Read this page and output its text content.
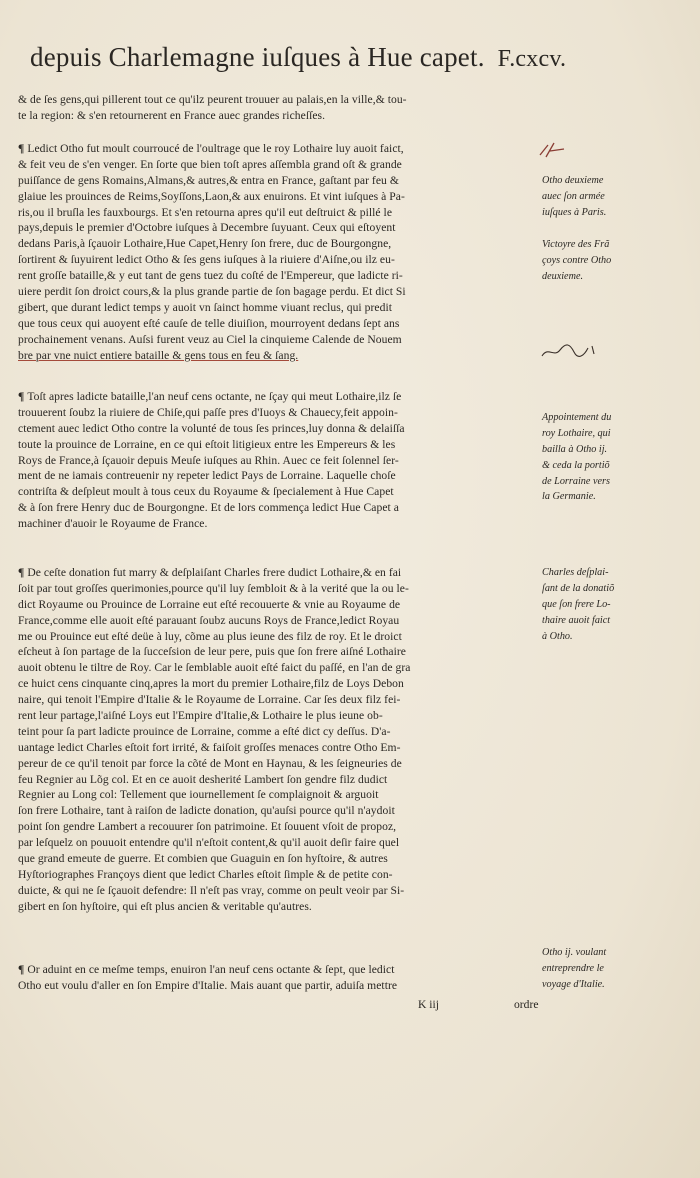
depuis Charlemagne iuſques à Hue capet. F.cxcv.
& de ſes gens,qui pillerent tout ce qu'ilz peurent trouuer au palais,en la ville,& tou-
te la region: & s'en retournerent en France auec grandes richeſſes.
¶ Ledict Otho fut moult courroucé de l'oultrage que le roy Lothaire luy auoit faict,
& feit veu de s'en venger. En ſorte que bien toſt apres aſſembla grand oſt & grande
puiſſance de gens Romains,Almans,& autres,& entra en France, gaſtant par feu &
glaiue les prouinces de Reims,Soyſſons,Laon,& aux enuirons. Et vint iuſques à Pa-
ris,ou il bruſla les fauxbourgs. Et s'en retourna apres qu'il eut deſtruict & pillé le
pays,depuis le premier d'Octobre iuſques à Decembre ſuyuant. Ceux qui eſtoyent
dedans Paris,à ſçauoir Lothaire,Hue Capet,Henry ſon frere, duc de Bourgongne,
ſortirent & ſuyuirent ledict Otho & ſes gens iuſques à la riuiere d'Aiſne,ou ilz eu-
rent groſſe bataille,& y eut tant de gens tuez du coſté de l'Empereur, que ladicte ri-
uiere perdit ſon droict cours,& la plus grande partie de ſon bagage perdu. Et dict Si
gibert, que durant ledict temps y auoit vn ſainct homme viuant reclus, qui predit
que tous ceux qui auoyent eſté cauſe de telle diuiſion, mourroyent dedans ſept ans
prochainement venans. Auſsi furent veuz au Ciel la cinquieme Calende de Nouem
bre par vne nuict entiere bataille & gens tous en feu & ſang.
¶ Toſt apres ladicte bataille,l'an neuf cens octante, ne ſçay qui meut Lothaire,ilz ſe
trouuerent ſoubz la riuiere de Chiſe,qui paſſe pres d'Iuoys & Chauecy,feit appoin-
ctement auec ledict Otho contre la volunté de tous ſes princes,luy donna & delaiſſa
toute la prouince de Lorraine, en ce qui eſtoit litigieux entre les Empereurs & les
Roys de France,à ſçauoir depuis Meuſe iuſques au Rhin. Auec ce feit ſolennel ſer-
ment de ne iamais contreuenir ny repeter ledict Pays de Lorraine. Laquelle choſe
contriſta & deſpleut moult à tous ceux du Royaume & ſpecialement à Hue Capet
& à ſon frere Henry duc de Bourgongne. Et de lors commença ledict Hue Capet a
machiner d'auoir le Royaume de France.
¶ De ceſte donation fut marry & deſplaiſant Charles frere dudict Lothaire,& en fai
ſoit par tout groſſes querimonies,pource qu'il luy ſembloit & à la verité que la ou le-
dict Royaume ou Prouince de Lorraine eut eſté recouuerte & vnie au Royaume de
France,comme elle auoit eſté parauant ſoubz aucuns Roys de France,ledict Royau
me ou Prouince eut eſté deüe à luy, cõme au plus ieune des filz de roy. Et le droict
eſcheut à ſon partage de la ſucceſsion de leur pere, puis que ſon frere aiſné Lothaire
auoit obtenu le tiltre de Roy. Car le ſemblable auoit eſté faict du paſſé, en l'an de gra
ce huict cens cinquante cinq,apres la mort du premier Lothaire,filz de Loys Debon
naire, qui tenoit l'Empire d'Italie & le Royaume de Lorraine. Car ſes deux filz fei-
rent leur partage,l'aiſné Loys eut l'Empire d'Italie,& Lothaire le plus ieune ob-
teint pour ſa part ladicte prouince de Lorraine, comme a eſté dict cy deſſus. D'a-
uantage ledict Charles eſtoit fort irrité, & faiſoit groſſes menaces contre Otho Em-
pereur de ce qu'il tenoit par force la cõté de Mont en Haynau, & les ſeigneuries de
feu Regnier au Lõg col. Et en ce auoit desherité Lambert ſon gendre filz dudict
Regnier au Long col: Tellement que iournellement ſe complaignoit & arguoit
ſon frere Lothaire, tant à raiſon de ladicte donation, qu'auſsi pource qu'il n'aydoit
point ſon gendre Lambert a recouurer ſon patrimoine. Et ſouuent vſoit de propoz,
par leſquelz on pouuoit entendre qu'il n'eſtoit content,& qu'il auoit deſir faire quel
que grand emeute de guerre. Et combien que Guaguin en ſon hyſtoire, & autres
Hyſtoriographes Françoys dient que ledict Charles eſtoit ſimple & de petite con-
duicte, & qui ne ſe ſçauoit defendre: Il n'eſt pas vray, comme on peult veoir par Si-
gibert en ſon hyſtoire, qui eſt plus ancien & veritable qu'autres.
¶ Or aduint en ce meſme temps, enuiron l'an neuf cens octante & ſept, que ledict
Otho eut voulu d'aller en ſon Empire d'Italie. Mais auant que partir, aduiſa mettre
K iij	ordre
Otho deuxieme
auec ſon armée
iuſques à Paris.
Victoyre des Frã
çoys contre Otho
deuxieme.
Appointement du
roy Lothaire, qui
bailla à Otho ij.
& ceda la portiõ
de Lorraine vers
la Germanie.
Charles deſplai-
ſant de la donatiõ
que ſon frere Lo-
thaire auoit faict
à Otho.
Otho ij. voulant
entreprendre le
voyage d'Italie.
